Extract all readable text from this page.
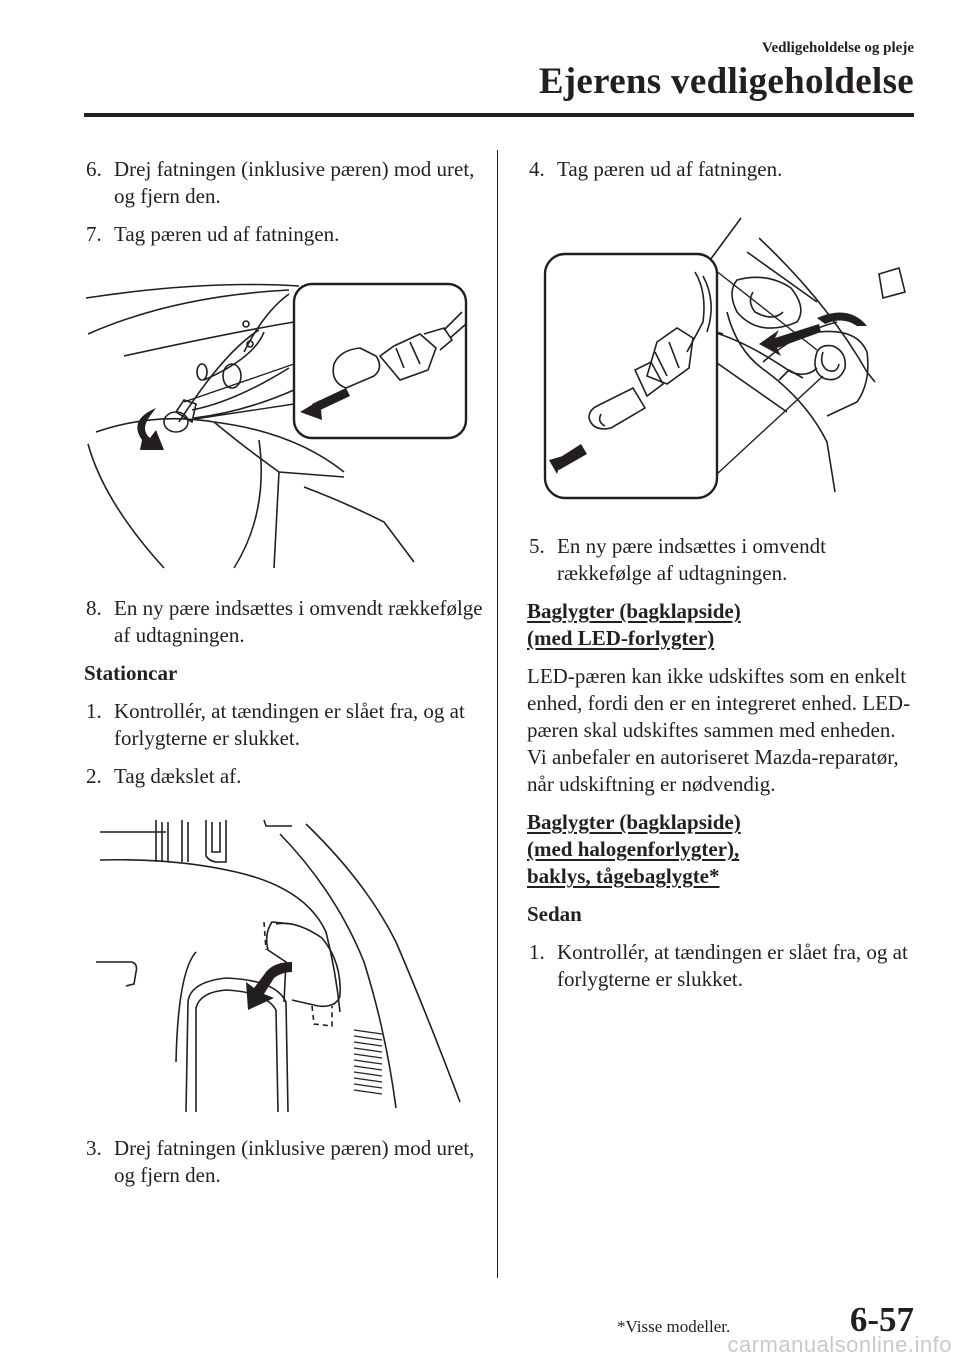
Vedligeholdelse og pleje
Ejerens vedligeholdelse

6. Drej fatningen (inklusive pæren) mod uret, og fjern den.

7. Tag pæren ud af fatningen.

8. En ny pære indsættes i omvendt rækkefølge af udtagningen.

Stationcar

1. Kontrollér, at tændingen er slået fra, og at forlygterne er slukket.

2. Tag dækslet af.

3. Drej fatningen (inklusive pæren) mod uret, og fjern den.

4. Tag pæren ud af fatningen.

5. En ny pære indsættes i omvendt rækkefølge af udtagningen.

Baglygter (bagklapside)
(med LED-forlygter)

LED-pæren kan ikke udskiftes som en enkelt enhed, fordi den er en integreret enhed. LED-pæren skal udskiftes sammen med enheden. Vi anbefaler en autoriseret Mazda-reparatør, når udskiftning er nødvendig.

Baglygter (bagklapside)
(med halogenforlygter),
baklys, tågebaglygte*

Sedan

1. Kontrollér, at tændingen er slået fra, og at forlygterne er slukket.

*Visse modeller.	6-57
carmanualsonline.info
